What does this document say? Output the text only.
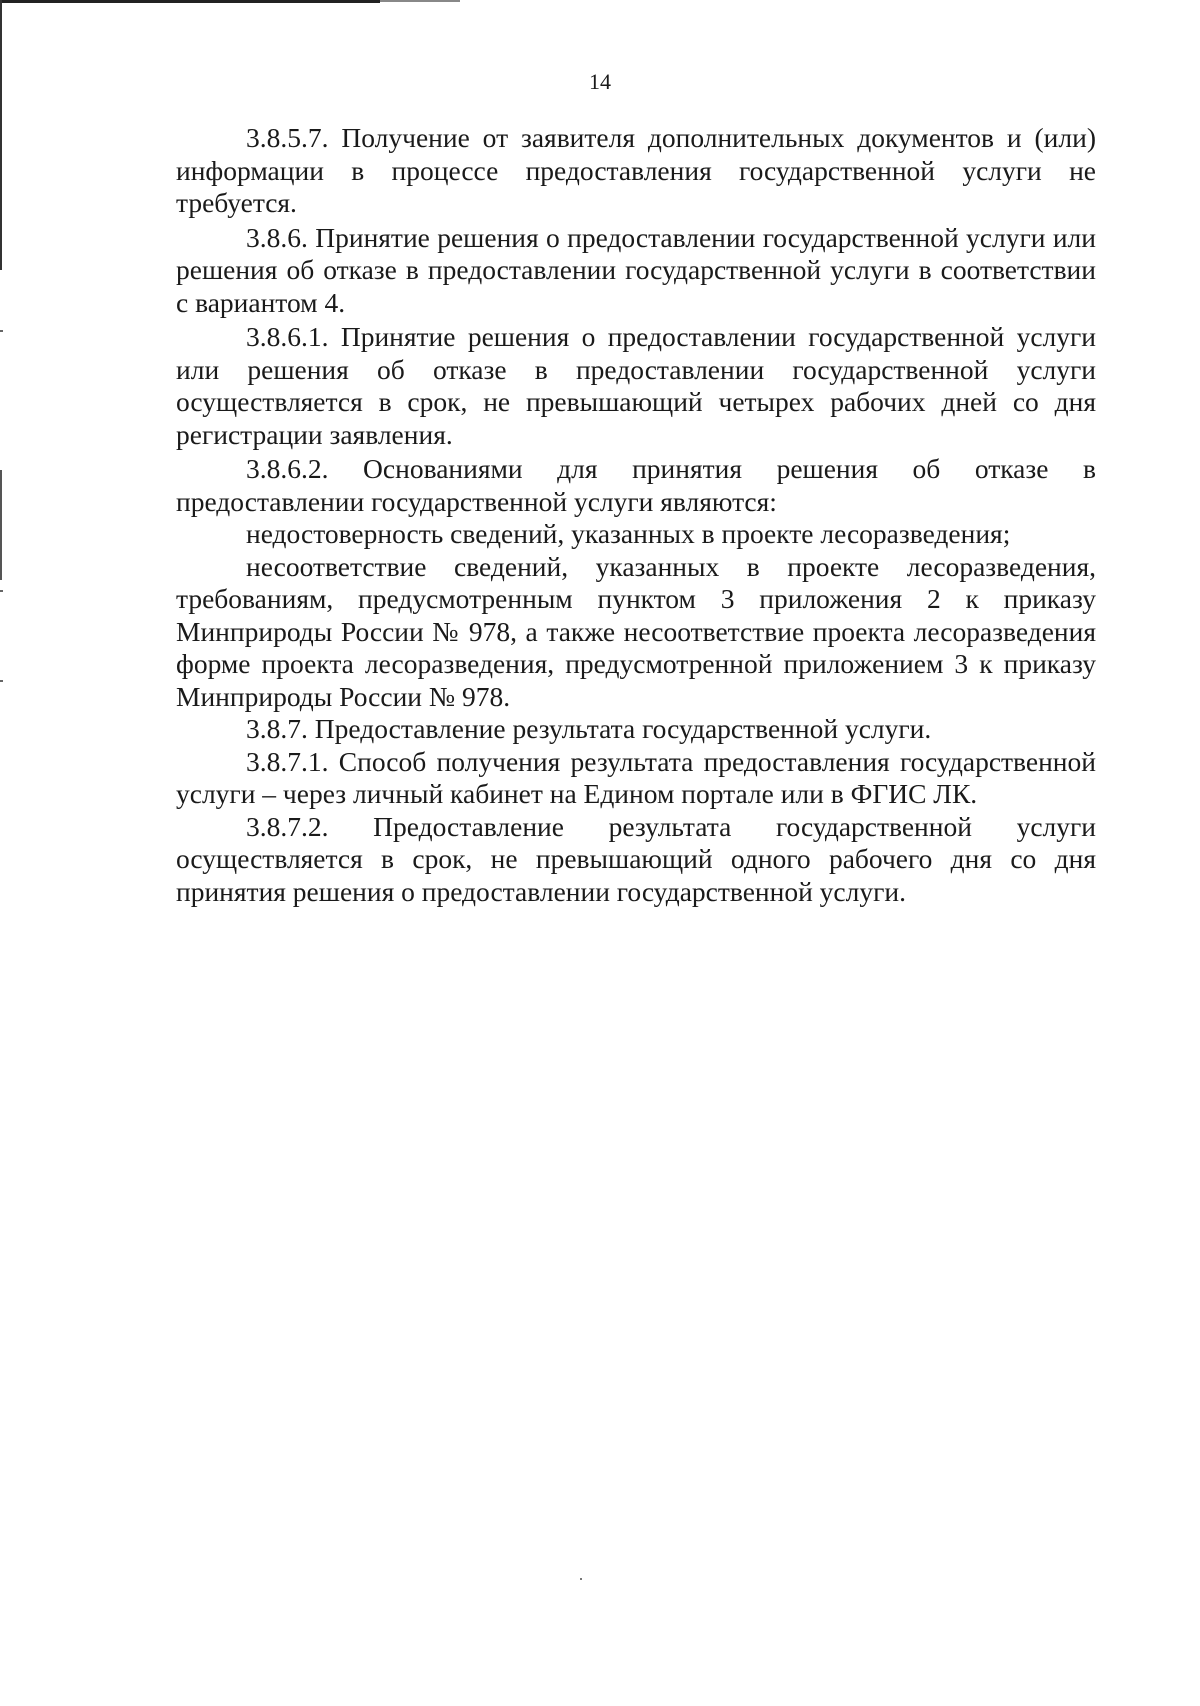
14

3.8.5.7. Получение от заявителя дополнительных документов и (или) информации в процессе предоставления государственной услуги не требуется.

3.8.6. Принятие решения о предоставлении государственной услуги или решения об отказе в предоставлении государственной услуги в соответствии с вариантом 4.

3.8.6.1. Принятие решения о предоставлении государственной услуги или решения об отказе в предоставлении государственной услуги осуществляется в срок, не превышающий четырех рабочих дней со дня регистрации заявления.

3.8.6.2. Основаниями для принятия решения об отказе в предоставлении государственной услуги являются:

недостоверность сведений, указанных в проекте лесоразведения;

несоответствие сведений, указанных в проекте лесоразведения, требованиям, предусмотренным пунктом 3 приложения 2 к приказу Минприроды России № 978, а также несоответствие проекта лесоразведения форме проекта лесоразведения, предусмотренной приложением 3 к приказу Минприроды России № 978.

3.8.7. Предоставление результата государственной услуги.

3.8.7.1. Способ получения результата предоставления государственной услуги – через личный кабинет на Едином портале или в ФГИС ЛК.

3.8.7.2. Предоставление результата государственной услуги осуществляется в срок, не превышающий одного рабочего дня со дня принятия решения о предоставлении государственной услуги.
